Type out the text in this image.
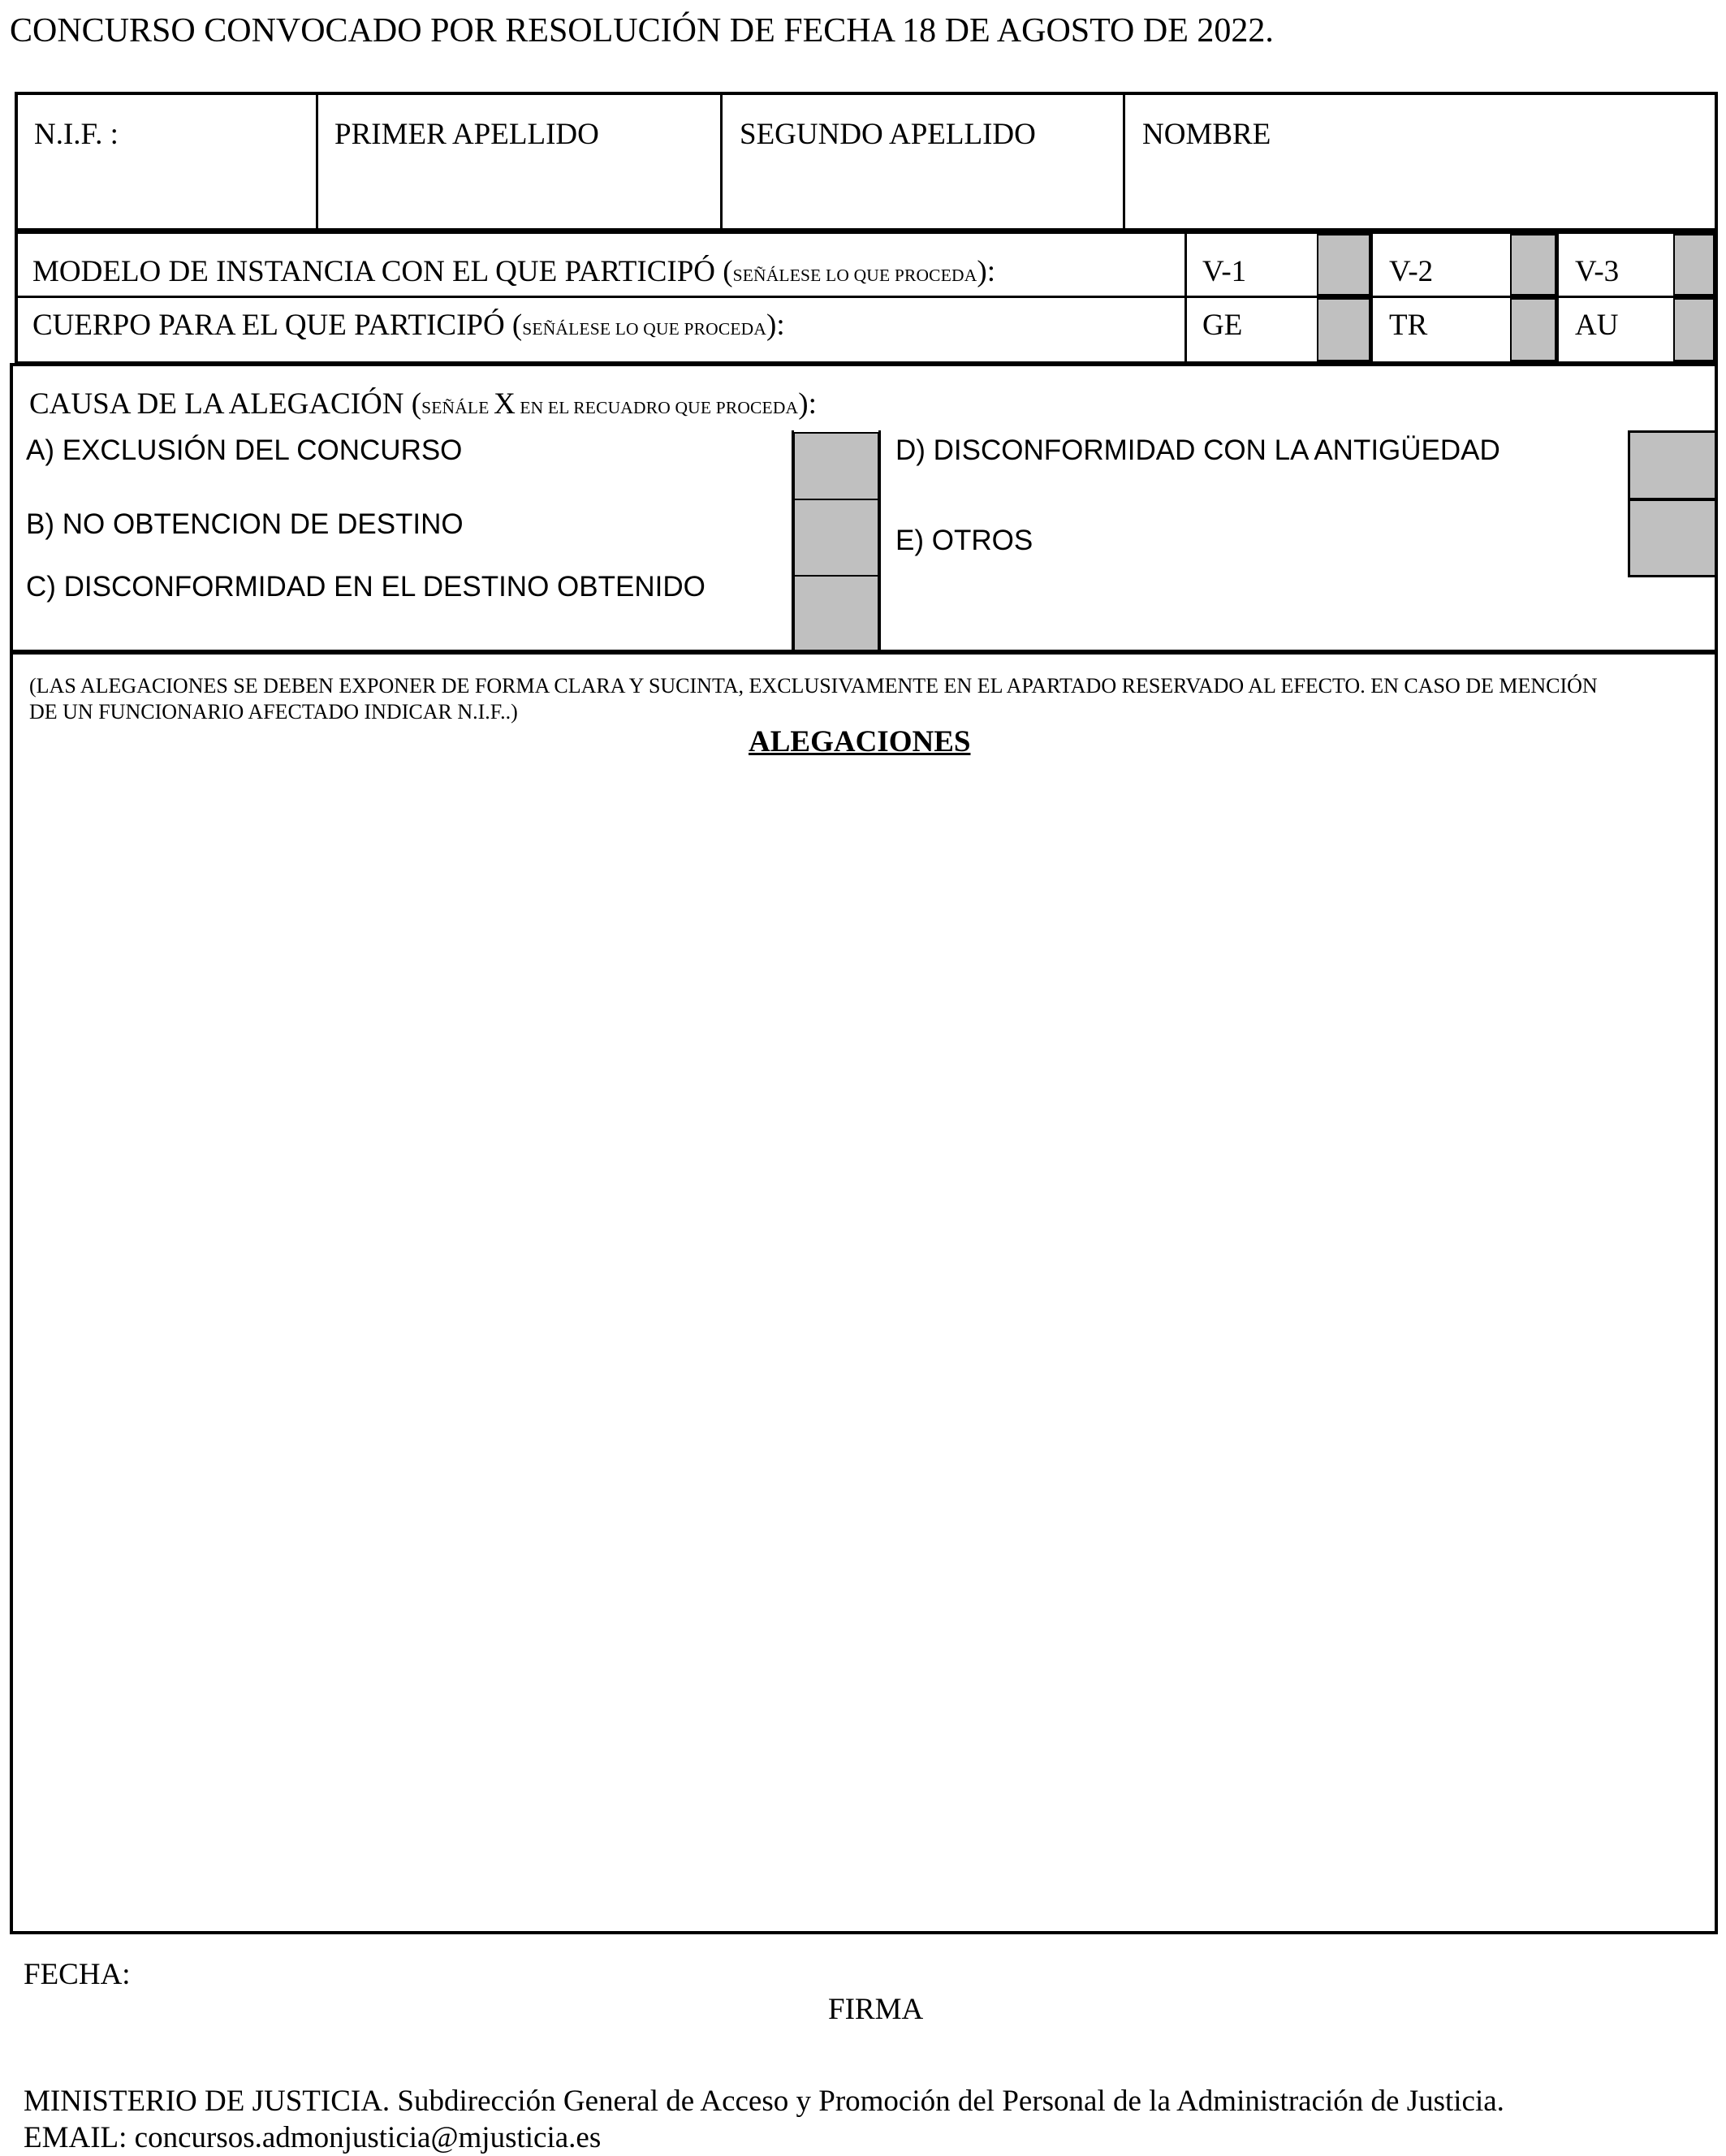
CONCURSO CONVOCADO POR RESOLUCIÓN DE FECHA 18 DE AGOSTO DE 2022.
N.I.F. :	PRIMER APELLIDO	SEGUNDO APELLIDO	NOMBRE
MODELO DE INSTANCIA CON EL QUE PARTICIPÓ (SEÑÁLESE LO QUE PROCEDA):	V-1	V-2	V-3
CUERPO PARA EL QUE PARTICIPÓ (SEÑÁLESE LO QUE PROCEDA):	GE	TR	AU
CAUSA DE LA ALEGACIÓN (SEÑÁLE X EN EL RECUADRO QUE PROCEDA):
A) EXCLUSIÓN DEL CONCURSO
B) NO OBTENCION DE DESTINO
C) DISCONFORMIDAD EN EL DESTINO OBTENIDO
D) DISCONFORMIDAD CON LA ANTIGÜEDAD
E) OTROS
(LAS ALEGACIONES SE DEBEN EXPONER DE FORMA CLARA Y SUCINTA, EXCLUSIVAMENTE EN EL APARTADO RESERVADO AL EFECTO. EN CASO DE MENCIÓN
DE UN FUNCIONARIO AFECTADO INDICAR N.I.F..)
ALEGACIONES
FECHA:
FIRMA
MINISTERIO DE JUSTICIA. Subdirección General de Acceso y Promoción del Personal de la Administración de Justicia.
EMAIL: concursos.admonjusticia@mjusticia.es
